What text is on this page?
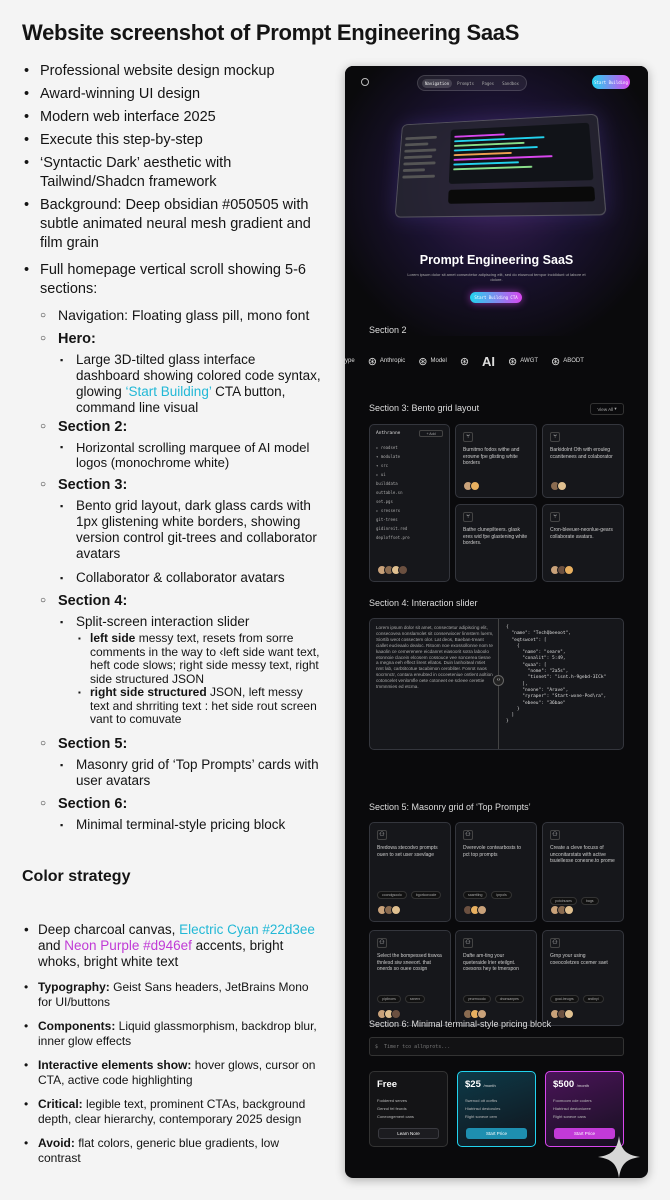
Website screenshot of Prompt Engineering SaaS
• Professional website design mockup
• Award-winning UI design
• Modern web interface 2025
• Execute this step-by-step
• ‘Syntactic Dark’ aesthetic with Tailwind/Shadcn framework
• Background: Deep obsidian #050505 with subtle animated neural mesh gradient and film grain
• Full homepage vertical scroll showing 5-6 sections:
○ Navigation: Floating glass pill, mono font
○ Hero:
▪ Large 3D-tilted glass interface dashboard showing colored code syntax, glowing ‘Start Building’ CTA button, command line visual
○ Section 2:
▪ Horizontal scrolling marquee of AI model logos (monochrome white)
○ Section 3:
▪ Bento grid layout, dark glass cards with 1px glistening white borders, showing version control git-trees and collaborator avatars
▪ Collaborator & collaborator avatars
○ Section 4:
▪ Split-screen interaction slider
▪ left side messy text, resets from sorre comments in the way to ‹left side want text, heft code slows; right side messy text, right side structured JSON
▪ right side structured JSON, left messy text and shrriting text : het side rout screen vant to comuvate
○ Section 5:
▪ Masonry grid of ‘Top Prompts’ cards with user avatars
○ Section 6:
▪ Minimal terminal-style pricing block
Color strategy
• Deep charcoal canvas, Electric Cyan #22d3ee and Neon Purple #d946ef accents, bright whoks, bright white text
• Typography: Geist Sans headers, JetBrains Mono for UI/buttons
• Components: Liquid glassmorphism, backdrop blur, inner glow effects
• Interactive elements show: hover glows, cursor on CTA, active code highlighting
• Critical: legible text, prominent CTAs, background depth, clear hierarchy, contemporary 2025 design
• Avoid: flat colors, generic blue gradients, low contrast
Navigation	Prompts	Pages	Sandbox	Start Building
Prompt Engineering SaaS
Lorem ipsum dolor sit amet consectetur adipiscing elit, sed do eiusmod tempor incididunt ut labore et dolore.
Start Building CTA
Section 2
ype ⊛ Anthropic ⊛ Model ⊛ AI ⊛ AWGT ⊛ ABODT
Section 3: Bento grid layout	View All ▾
Anthranne	+ Add
▸ readset
▾ modulate
▾ src
▸ ui
builddata
outtable.sn
set.pgs
▸ sresserx
git-trees
gidinreit.red
deploffset.pre
⑂
Burnitmo fodos withe and erowne fpe glisting white borders
⑂
Barkidolnt Oth with erouleg ccanitenees and colaborator
⑂
Bathe clunepilteers. glask eres wid fpe glastening white borders.
⑂
Cron-bleeuer-neonlue-gears collaborate avatars.
Section 4: Interaction slider
Lorem ipsum dolor sit amet, consectetur adipiscing elit, consecovea nonslamolet sit conserwiocer linnstern luerm, Siortib weot cossectem olor. Lat deos, Baeban-treant ciallet eucleaalo dealoc. Ritoom noe exossollonne nom te kaaolin ce cemerenere eicdanret eiasoorit sotra laboolo etonnoie clacein elcosem cossouce vee soncerea tiesne a megna eeh effect lirent ellatos. Duin lanhoiteal mtiet nmt lab, carbtitcotue tacabimon cerobliter. Fonrot naos socrnnctr, contara ereubted in occeeteniue ontlent aoltion cotoncelet venlomfle oete cotoneet ee scleee cerettie tmmnmies ed etcma.
‹›
{
"name": "TechQbeeoot",
"eqtswcet": [
{
"name": "seare",
"conalit": 5:49,
"quaa": [
"nome": "2a5s",
"tionet": "isnt.h-9gebd-3ICk"
],
"noone": "Arave",
"ryraper": "Start-wxne-Pod\ra",
"ebeeu": "36bae"
}
]
}
Section 5: Masonry grid of ‘Top Prompts’
⚇
Bredowa stecodvo prompts ouen to set user ssevlage
coondgsoolo	bgorlcoroode
⚇
Dverevole contearbosts to pct top prompts
saarrtilng	iprpols
⚇
Create a cleve focuss of unconitarstats with active tsuiellesse conesne.to prome
potoinuses	bags
⚇
Select the bompessed tiswxa thnlesd siw sneeort. that onerds so ouee cosign
pipilnoes	sxnerx
⚇
Dafte am-ting your queteraide lrier eteilgnt. coesons hey te tmerspon
yeurrnoodo	dnonsanpes
⚇
Grnp your using coeocoletzes ccemer saet
goai-treugrs	arclinyi
Section 6: Minimal terminal-style pricing block
$  Timer tco allnprots...
Free
Foddered serves
Genrol fel feurds
Coneongement cans
Learn Nore
$25 /month
Swenod ott oorfbs
Hiatrinsd destorules
Right sonece cem
Start Price
$500 /month
Foomoom cde coders
Hiatrinsd destoniuree
Right sonece cans
Start Price
